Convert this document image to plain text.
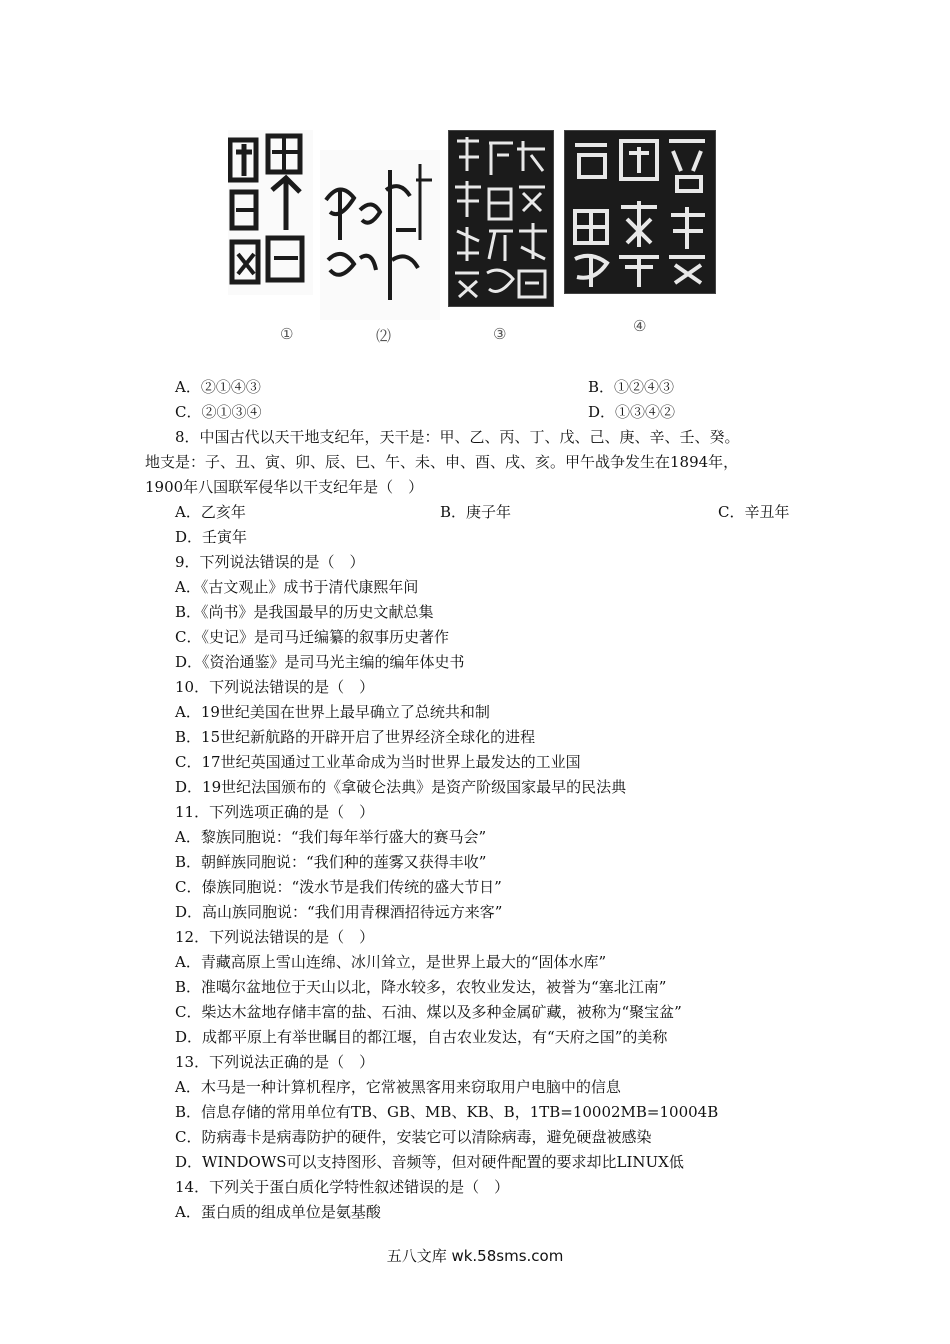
①	⑵	③	④
A．②①④③	B．①②④③
C．②①③④	D．①③④②
8．中国古代以天干地支纪年，天干是：甲、乙、丙、丁、戊、己、庚、辛、壬、癸。
地支是：子、丑、寅、卯、辰、巳、午、未、申、酉、戌、亥。甲午战争发生在1894年，
1900年八国联军侵华以干支纪年是（　）
A．乙亥年	B．庚子年	C．辛丑年
D．壬寅年
9．下列说法错误的是（　）
A．《古文观止》成书于清代康熙年间
B．《尚书》是我国最早的历史文献总集
C．《史记》是司马迁编纂的叙事历史著作
D．《资治通鉴》是司马光主编的编年体史书
10．下列说法错误的是（　）
A．19世纪美国在世界上最早确立了总统共和制
B．15世纪新航路的开辟开启了世界经济全球化的进程
C．17世纪英国通过工业革命成为当时世界上最发达的工业国
D．19世纪法国颁布的《拿破仑法典》是资产阶级国家最早的民法典
11．下列选项正确的是（　）
A．黎族同胞说：“我们每年举行盛大的赛马会”
B．朝鲜族同胞说：“我们种的莲雾又获得丰收”
C．傣族同胞说：“泼水节是我们传统的盛大节日”
D．高山族同胞说：“我们用青稞酒招待远方来客”
12．下列说法错误的是（　）
A．青藏高原上雪山连绵、冰川耸立，是世界上最大的“固体水库”
B．准噶尔盆地位于天山以北，降水较多，农牧业发达，被誉为“塞北江南”
C．柴达木盆地存储丰富的盐、石油、煤以及多种金属矿藏，被称为“聚宝盆”
D．成都平原上有举世瞩目的都江堰，自古农业发达，有“天府之国”的美称
13．下列说法正确的是（　）
A．木马是一种计算机程序，它常被黑客用来窃取用户电脑中的信息
B．信息存储的常用单位有TB、GB、MB、KB、B，1TB=10002MB=10004B
C．防病毒卡是病毒防护的硬件，安装它可以清除病毒，避免硬盘被感染
D．WINDOWS可以支持图形、音频等，但对硬件配置的要求却比LINUX低
14．下列关于蛋白质化学特性叙述错误的是（　）
A．蛋白质的组成单位是氨基酸
五八文库 wk.58sms.com
